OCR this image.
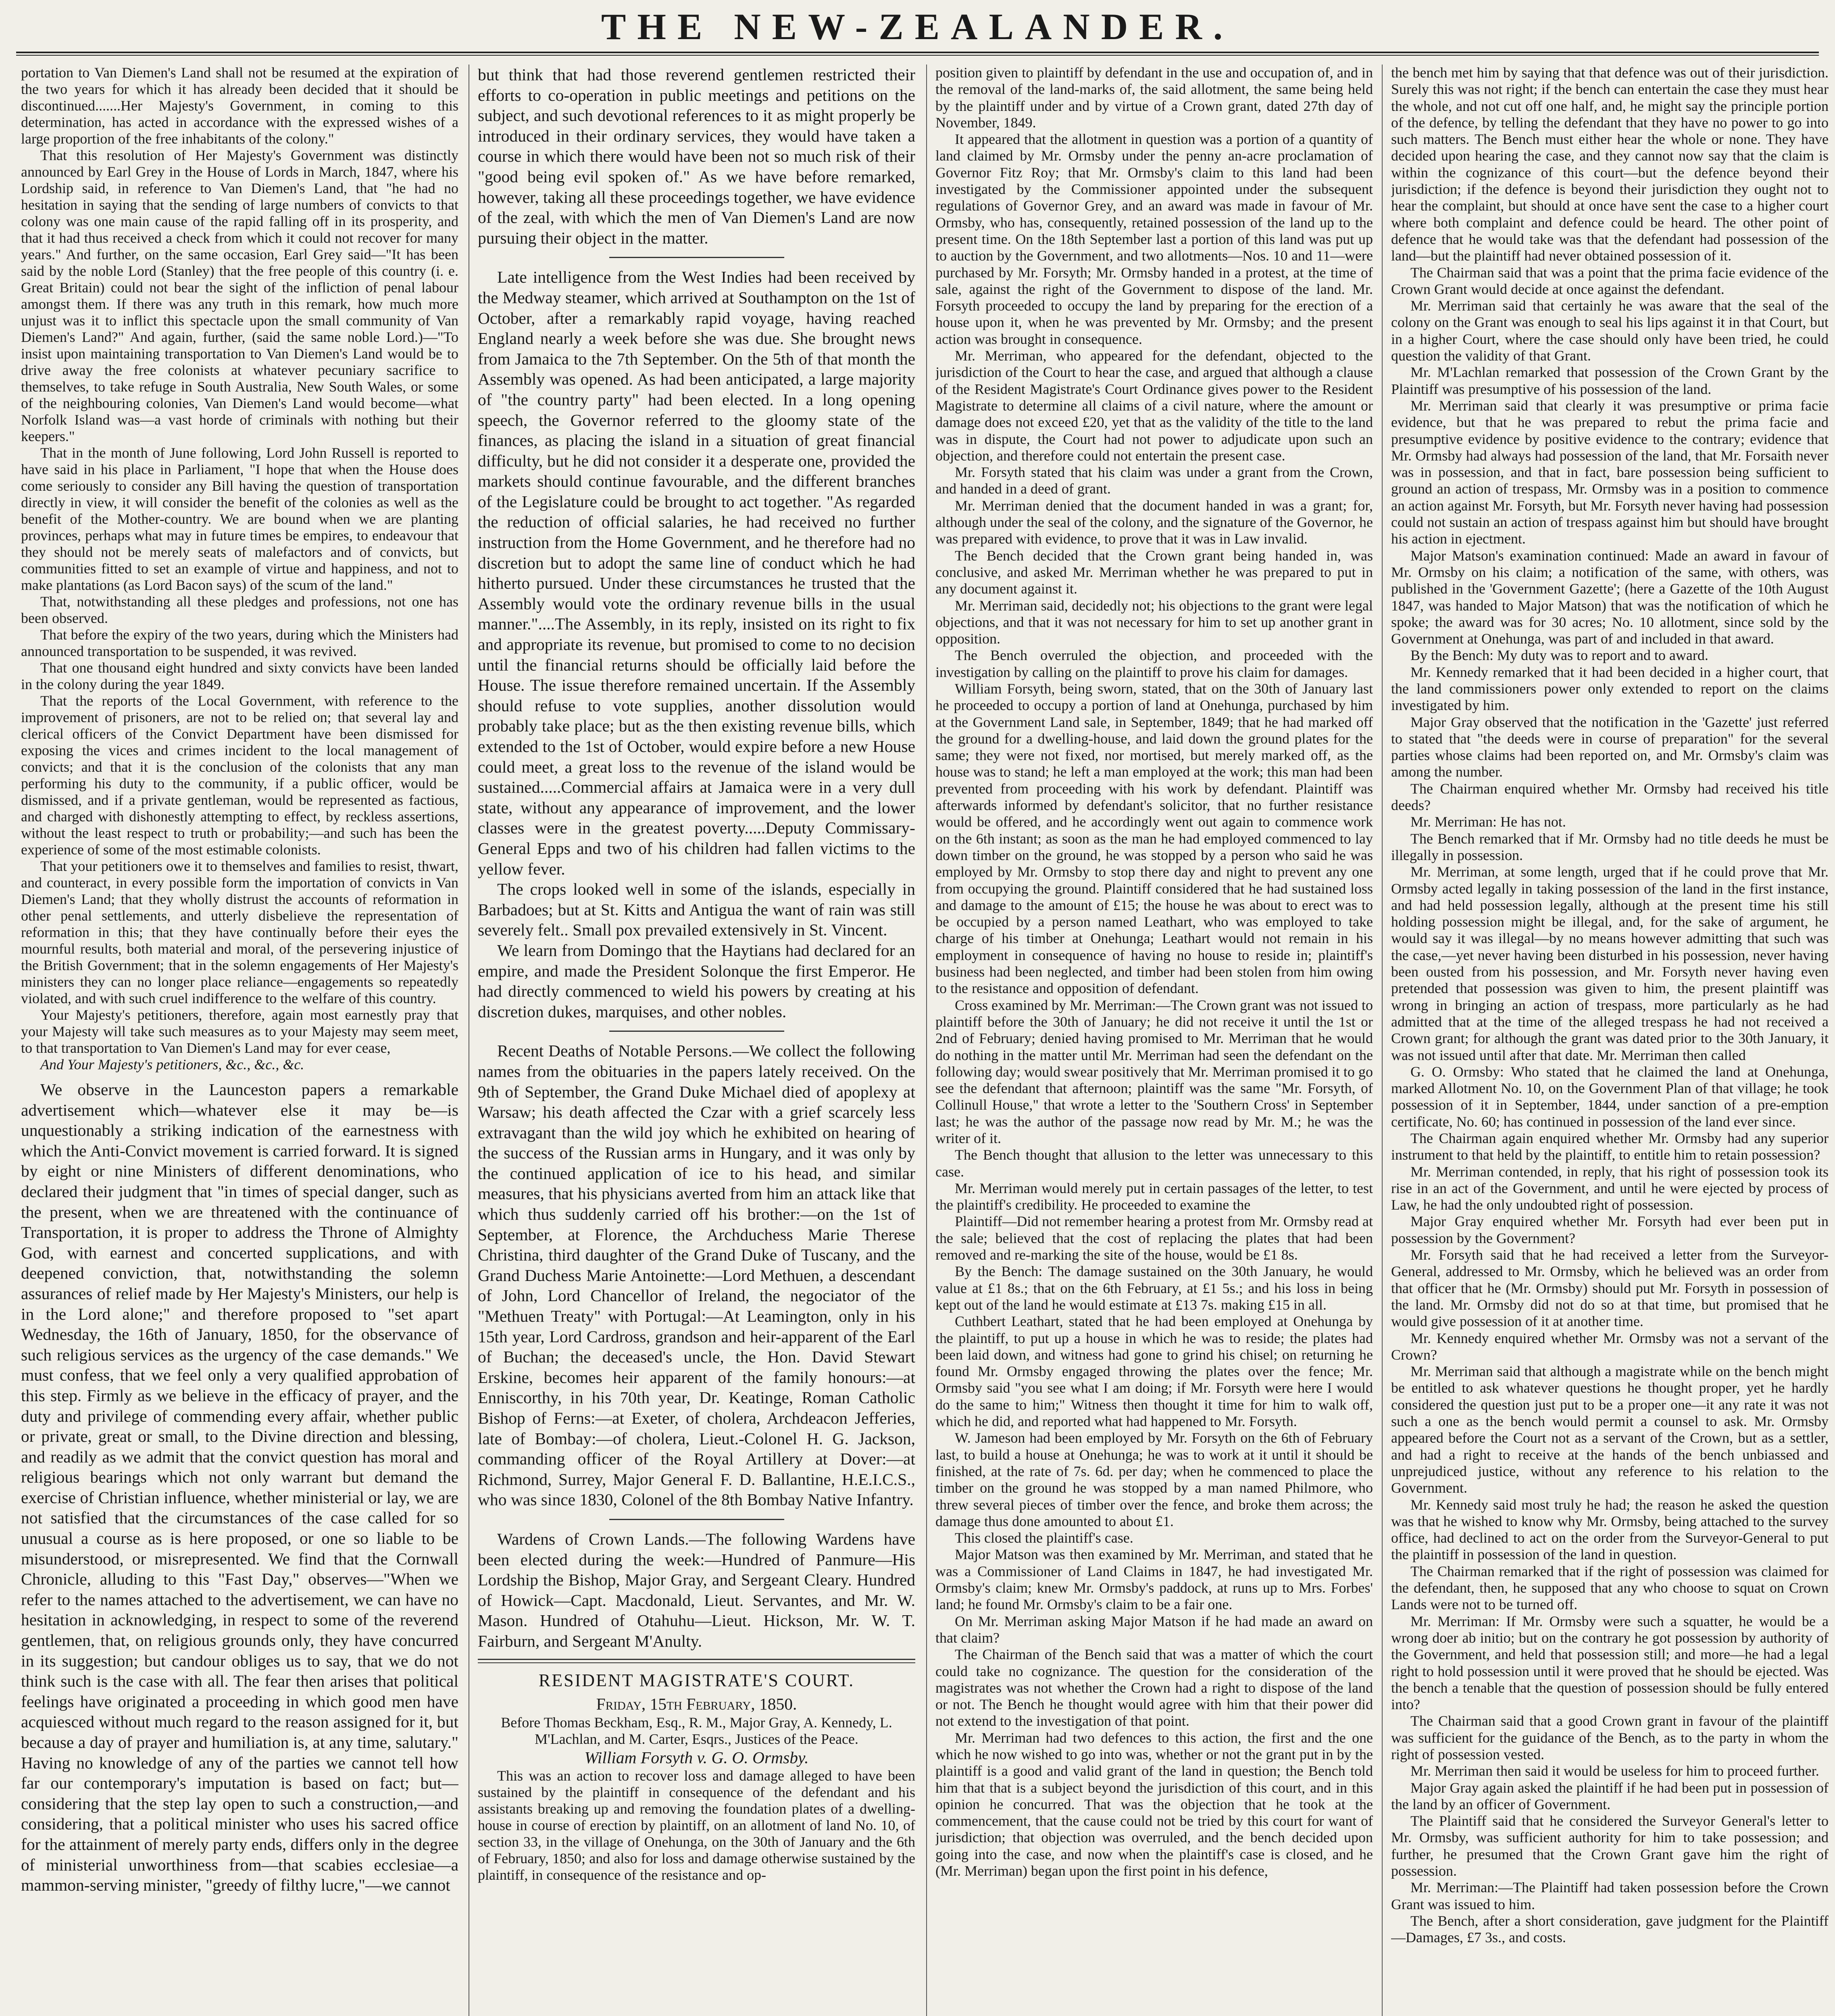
THE NEW-ZEALANDER.

portation to Van Diemen's Land shall not be resumed at the expiration of the two years for which it has already been decided that it should be discontinued.......Her Majesty's Government, in coming to this determination, has acted in accordance with the expressed wishes of a large proportion of the free inhabitants of the colony."

That this resolution of Her Majesty's Government was distinctly announced by Earl Grey in the House of Lords in March, 1847, where his Lordship said, in reference to Van Diemen's Land, that "he had no hesitation in saying that the sending of large numbers of convicts to that colony was one main cause of the rapid falling off in its prosperity, and that it had thus received a check from which it could not recover for many years." And further, on the same occasion, Earl Grey said—"It has been said by the noble Lord (Stanley) that the free people of this country (i. e. Great Britain) could not bear the sight of the infliction of penal labour amongst them. If there was any truth in this remark, how much more unjust was it to inflict this spectacle upon the small community of Van Diemen's Land?" And again, further, (said the same noble Lord.)—"To insist upon maintaining transportation to Van Diemen's Land would be to drive away the free colonists at whatever pecuniary sacrifice to themselves, to take refuge in South Australia, New South Wales, or some of the neighbouring colonies, Van Diemen's Land would become—what Norfolk Island was—a vast horde of criminals with nothing but their keepers."

That in the month of June following, Lord John Russell is reported to have said in his place in Parliament, "I hope that when the House does come seriously to consider any Bill having the question of transportation directly in view, it will consider the benefit of the colonies as well as the benefit of the Mother-country. We are bound when we are planting provinces, perhaps what may in future times be empires, to endeavour that they should not be merely seats of malefactors and of convicts, but communities fitted to set an example of virtue and happiness, and not to make plantations (as Lord Bacon says) of the scum of the land."

That, notwithstanding all these pledges and professions, not one has been observed.

That before the expiry of the two years, during which the Ministers had announced transportation to be suspended, it was revived.

That one thousand eight hundred and sixty convicts have been landed in the colony during the year 1849.

That the reports of the Local Government, with reference to the improvement of prisoners, are not to be relied on; that several lay and clerical officers of the Convict Department have been dismissed for exposing the vices and crimes incident to the local management of convicts; and that it is the conclusion of the colonists that any man performing his duty to the community, if a public officer, would be dismissed, and if a private gentleman, would be represented as factious, and charged with dishonestly attempting to effect, by reckless assertions, without the least respect to truth or probability;—and such has been the experience of some of the most estimable colonists.

That your petitioners owe it to themselves and families to resist, thwart, and counteract, in every possible form the importation of convicts in Van Diemen's Land; that they wholly distrust the accounts of reformation in other penal settlements, and utterly disbelieve the representation of reformation in this; that they have continually before their eyes the mournful results, both material and moral, of the persevering injustice of the British Government; that in the solemn engagements of Her Majesty's ministers they can no longer place reliance—engagements so repeatedly violated, and with such cruel indifference to the welfare of this country.

Your Majesty's petitioners, therefore, again most earnestly pray that your Majesty will take such measures as to your Majesty may seem meet, to that transportation to Van Diemen's Land may for ever cease,

And Your Majesty's petitioners, &c., &c., &c.

We observe in the Launceston papers a remarkable advertisement which—whatever else it may be—is unquestionably a striking indication of the earnestness with which the Anti-Convict movement is carried forward. It is signed by eight or nine Ministers of different denominations, who declared their judgment that "in times of special danger, such as the present, when we are threatened with the continuance of Transportation, it is proper to address the Throne of Almighty God, with earnest and concerted supplications, and with deepened conviction, that, notwithstanding the solemn assurances of relief made by Her Majesty's Ministers, our help is in the Lord alone;" and therefore proposed to "set apart Wednesday, the 16th of January, 1850, for the observance of such religious services as the urgency of the case demands." We must confess, that we feel only a very qualified approbation of this step. Firmly as we believe in the efficacy of prayer, and the duty and privilege of commending every affair, whether public or private, great or small, to the Divine direction and blessing, and readily as we admit that the convict question has moral and religious bearings which not only warrant but demand the exercise of Christian influence, whether ministerial or lay, we are not satisfied that the circumstances of the case called for so unusual a course as is here proposed, or one so liable to be misunderstood, or misrepresented. We find that the Cornwall Chronicle, alluding to this "Fast Day," observes—"When we refer to the names attached to the advertisement, we can have no hesitation in acknowledging, in respect to some of the reverend gentlemen, that, on religious grounds only, they have concurred in its suggestion; but candour obliges us to say, that we do not think such is the case with all. The fear then arises that political feelings have originated a proceeding in which good men have acquiesced without much regard to the reason assigned for it, but because a day of prayer and humiliation is, at any time, salutary." Having no knowledge of any of the parties we cannot tell how far our contemporary's imputation is based on fact; but—considering that the step lay open to such a construction,—and considering, that a political minister who uses his sacred office for the attainment of merely party ends, differs only in the degree of ministerial unworthiness from—that scabies ecclesiae—a mammon-serving minister, "greedy of filthy lucre,"—we cannot

but think that had those reverend gentlemen restricted their efforts to co-operation in public meetings and petitions on the subject, and such devotional references to it as might properly be introduced in their ordinary services, they would have taken a course in which there would have been not so much risk of their "good being evil spoken of." As we have before remarked, however, taking all these proceedings together, we have evidence of the zeal, with which the men of Van Diemen's Land are now pursuing their object in the matter.

Late intelligence from the West Indies had been received by the Medway steamer, which arrived at Southampton on the 1st of October, after a remarkably rapid voyage, having reached England nearly a week before she was due. She brought news from Jamaica to the 7th September. On the 5th of that month the Assembly was opened. As had been anticipated, a large majority of "the country party" had been elected. In a long opening speech, the Governor referred to the gloomy state of the finances, as placing the island in a situation of great financial difficulty, but he did not consider it a desperate one, provided the markets should continue favourable, and the different branches of the Legislature could be brought to act together. "As regarded the reduction of official salaries, he had received no further instruction from the Home Government, and he therefore had no discretion but to adopt the same line of conduct which he had hitherto pursued. Under these circumstances he trusted that the Assembly would vote the ordinary revenue bills in the usual manner."....The Assembly, in its reply, insisted on its right to fix and appropriate its revenue, but promised to come to no decision until the financial returns should be officially laid before the House. The issue therefore remained uncertain. If the Assembly should refuse to vote supplies, another dissolution would probably take place; but as the then existing revenue bills, which extended to the 1st of October, would expire before a new House could meet, a great loss to the revenue of the island would be sustained.....Commercial affairs at Jamaica were in a very dull state, without any appearance of improvement, and the lower classes were in the greatest poverty.....Deputy Commissary-General Epps and two of his children had fallen victims to the yellow fever.

The crops looked well in some of the islands, especially in Barbadoes; but at St. Kitts and Antigua the want of rain was still severely felt.. Small pox prevailed extensively in St. Vincent.

We learn from Domingo that the Haytians had declared for an empire, and made the President Solonque the first Emperor. He had directly commenced to wield his powers by creating at his discretion dukes, marquises, and other nobles.

Recent Deaths of Notable Persons.—We collect the following names from the obituaries in the papers lately received. On the 9th of September, the Grand Duke Michael died of apoplexy at Warsaw; his death affected the Czar with a grief scarcely less extravagant than the wild joy which he exhibited on hearing of the success of the Russian arms in Hungary, and it was only by the continued application of ice to his head, and similar measures, that his physicians averted from him an attack like that which thus suddenly carried off his brother:—on the 1st of September, at Florence, the Archduchess Marie Therese Christina, third daughter of the Grand Duke of Tuscany, and the Grand Duchess Marie Antoinette:—Lord Methuen, a descendant of John, Lord Chancellor of Ireland, the negociator of the "Methuen Treaty" with Portugal:—At Leamington, only in his 15th year, Lord Cardross, grandson and heir-apparent of the Earl of Buchan; the deceased's uncle, the Hon. David Stewart Erskine, becomes heir apparent of the family honours:—at Enniscorthy, in his 70th year, Dr. Keatinge, Roman Catholic Bishop of Ferns:—at Exeter, of cholera, Archdeacon Jefferies, late of Bombay:—of cholera, Lieut.-Colonel H. G. Jackson, commanding officer of the Royal Artillery at Dover:—at Richmond, Surrey, Major General F. D. Ballantine, H.E.I.C.S., who was since 1830, Colonel of the 8th Bombay Native Infantry.

Wardens of Crown Lands.—The following Wardens have been elected during the week:—Hundred of Panmure—His Lordship the Bishop, Major Gray, and Sergeant Cleary. Hundred of Howick—Capt. Macdonald, Lieut. Servantes, and Mr. W. Mason. Hundred of Otahuhu—Lieut. Hickson, Mr. W. T. Fairburn, and Sergeant M'Anulty.

RESIDENT MAGISTRATE'S COURT.

Friday, 15th February, 1850.

Before Thomas Beckham, Esq., R. M., Major Gray, A. Kennedy, L. M'Lachlan, and M. Carter, Esqrs., Justices of the Peace.

William Forsyth v. G. O. Ormsby.

This was an action to recover loss and damage alleged to have been sustained by the plaintiff in consequence of the defendant and his assistants breaking up and removing the foundation plates of a dwelling-house in course of erection by plaintiff, on an allotment of land No. 10, of section 33, in the village of Onehunga, on the 30th of January and the 6th of February, 1850; and also for loss and damage otherwise sustained by the plaintiff, in consequence of the resistance and op-

position given to plaintiff by defendant in the use and occupation of, and in the removal of the land-marks of, the said allotment, the same being held by the plaintiff under and by virtue of a Crown grant, dated 27th day of November, 1849.

It appeared that the allotment in question was a portion of a quantity of land claimed by Mr. Ormsby under the penny an-acre proclamation of Governor Fitz Roy; that Mr. Ormsby's claim to this land had been investigated by the Commissioner appointed under the subsequent regulations of Governor Grey, and an award was made in favour of Mr. Ormsby, who has, consequently, retained possession of the land up to the present time. On the 18th September last a portion of this land was put up to auction by the Government, and two allotments—Nos. 10 and 11—were purchased by Mr. Forsyth; Mr. Ormsby handed in a protest, at the time of sale, against the right of the Government to dispose of the land. Mr. Forsyth proceeded to occupy the land by preparing for the erection of a house upon it, when he was prevented by Mr. Ormsby; and the present action was brought in consequence.

Mr. Merriman, who appeared for the defendant, objected to the jurisdiction of the Court to hear the case, and argued that although a clause of the Resident Magistrate's Court Ordinance gives power to the Resident Magistrate to determine all claims of a civil nature, where the amount or damage does not exceed £20, yet that as the validity of the title to the land was in dispute, the Court had not power to adjudicate upon such an objection, and therefore could not entertain the present case.

Mr. Forsyth stated that his claim was under a grant from the Crown, and handed in a deed of grant.

Mr. Merriman denied that the document handed in was a grant; for, although under the seal of the colony, and the signature of the Governor, he was prepared with evidence, to prove that it was in Law invalid.

The Bench decided that the Crown grant being handed in, was conclusive, and asked Mr. Merriman whether he was prepared to put in any document against it.

Mr. Merriman said, decidedly not; his objections to the grant were legal objections, and that it was not necessary for him to set up another grant in opposition.

The Bench overruled the objection, and proceeded with the investigation by calling on the plaintiff to prove his claim for damages.

William Forsyth, being sworn, stated, that on the 30th of January last he proceeded to occupy a portion of land at Onehunga, purchased by him at the Government Land sale, in September, 1849; that he had marked off the ground for a dwelling-house, and laid down the ground plates for the same; they were not fixed, nor mortised, but merely marked off, as the house was to stand; he left a man employed at the work; this man had been prevented from proceeding with his work by defendant. Plaintiff was afterwards informed by defendant's solicitor, that no further resistance would be offered, and he accordingly went out again to commence work on the 6th instant; as soon as the man he had employed commenced to lay down timber on the ground, he was stopped by a person who said he was employed by Mr. Ormsby to stop there day and night to prevent any one from occupying the ground. Plaintiff considered that he had sustained loss and damage to the amount of £15; the house he was about to erect was to be occupied by a person named Leathart, who was employed to take charge of his timber at Onehunga; Leathart would not remain in his employment in consequence of having no house to reside in; plaintiff's business had been neglected, and timber had been stolen from him owing to the resistance and opposition of defendant.

Cross examined by Mr. Merriman:—The Crown grant was not issued to plaintiff before the 30th of January; he did not receive it until the 1st or 2nd of February; denied having promised to Mr. Merriman that he would do nothing in the matter until Mr. Merriman had seen the defendant on the following day; would swear positively that Mr. Merriman promised it to go see the defendant that afternoon; plaintiff was the same "Mr. Forsyth, of Collinull House," that wrote a letter to the 'Southern Cross' in September last; he was the author of the passage now read by Mr. M.; he was the writer of it.

The Bench thought that allusion to the letter was unnecessary to this case.

Mr. Merriman would merely put in certain passages of the letter, to test the plaintiff's credibility. He proceeded to examine the

Plaintiff—Did not remember hearing a protest from Mr. Ormsby read at the sale; believed that the cost of replacing the plates that had been removed and re-marking the site of the house, would be £1 8s.

By the Bench: The damage sustained on the 30th January, he would value at £1 8s.; that on the 6th February, at £1 5s.; and his loss in being kept out of the land he would estimate at £13 7s. making £15 in all.

Cuthbert Leathart, stated that he had been employed at Onehunga by the plaintiff, to put up a house in which he was to reside; the plates had been laid down, and witness had gone to grind his chisel; on returning he found Mr. Ormsby engaged throwing the plates over the fence; Mr. Ormsby said "you see what I am doing; if Mr. Forsyth were here I would do the same to him;" Witness then thought it time for him to walk off, which he did, and reported what had happened to Mr. Forsyth.

W. Jameson had been employed by Mr. Forsyth on the 6th of February last, to build a house at Onehunga; he was to work at it until it should be finished, at the rate of 7s. 6d. per day; when he commenced to place the timber on the ground he was stopped by a man named Philmore, who threw several pieces of timber over the fence, and broke them across; the damage thus done amounted to about £1.

This closed the plaintiff's case.

Major Matson was then examined by Mr. Merriman, and stated that he was a Commissioner of Land Claims in 1847, he had investigated Mr. Ormsby's claim; knew Mr. Ormsby's paddock, at runs up to Mrs. Forbes' land; he found Mr. Ormsby's claim to be a fair one.

On Mr. Merriman asking Major Matson if he had made an award on that claim?

The Chairman of the Bench said that was a matter of which the court could take no cognizance. The question for the consideration of the magistrates was not whether the Crown had a right to dispose of the land or not. The Bench he thought would agree with him that their power did not extend to the investigation of that point.

Mr. Merriman had two defences to this action, the first and the one which he now wished to go into was, whether or not the grant put in by the plaintiff is a good and valid grant of the land in question; the Bench told him that that is a subject beyond the jurisdiction of this court, and in this opinion he concurred. That was the objection that he took at the commencement, that the cause could not be tried by this court for want of jurisdiction; that objection was overruled, and the bench decided upon going into the case, and now when the plaintiff's case is closed, and he (Mr. Merriman) began upon the first point in his defence,

the bench met him by saying that that defence was out of their jurisdiction. Surely this was not right; if the bench can entertain the case they must hear the whole, and not cut off one half, and, he might say the principle portion of the defence, by telling the defendant that they have no power to go into such matters. The Bench must either hear the whole or none. They have decided upon hearing the case, and they cannot now say that the claim is within the cognizance of this court—but the defence beyond their jurisdiction; if the defence is beyond their jurisdiction they ought not to hear the complaint, but should at once have sent the case to a higher court where both complaint and defence could be heard. The other point of defence that he would take was that the defendant had possession of the land—but the plaintiff had never obtained possession of it.

The Chairman said that was a point that the prima facie evidence of the Crown Grant would decide at once against the defendant.

Mr. Merriman said that certainly he was aware that the seal of the colony on the Grant was enough to seal his lips against it in that Court, but in a higher Court, where the case should only have been tried, he could question the validity of that Grant.

Mr. M'Lachlan remarked that possession of the Crown Grant by the Plaintiff was presumptive of his possession of the land.

Mr. Merriman said that clearly it was presumptive or prima facie evidence, but that he was prepared to rebut the prima facie and presumptive evidence by positive evidence to the contrary; evidence that Mr. Ormsby had always had possession of the land, that Mr. Forsaith never was in possession, and that in fact, bare possession being sufficient to ground an action of trespass, Mr. Ormsby was in a position to commence an action against Mr. Forsyth, but Mr. Forsyth never having had possession could not sustain an action of trespass against him but should have brought his action in ejectment.

Major Matson's examination continued: Made an award in favour of Mr. Ormsby on his claim; a notification of the same, with others, was published in the 'Government Gazette'; (here a Gazette of the 10th August 1847, was handed to Major Matson) that was the notification of which he spoke; the award was for 30 acres; No. 10 allotment, since sold by the Government at Onehunga, was part of and included in that award.

By the Bench: My duty was to report and to award.

Mr. Kennedy remarked that it had been decided in a higher court, that the land commissioners power only extended to report on the claims investigated by him.

Major Gray observed that the notification in the 'Gazette' just referred to stated that "the deeds were in course of preparation" for the several parties whose claims had been reported on, and Mr. Ormsby's claim was among the number.

The Chairman enquired whether Mr. Ormsby had received his title deeds?

Mr. Merriman: He has not.

The Bench remarked that if Mr. Ormsby had no title deeds he must be illegally in possession.

Mr. Merriman, at some length, urged that if he could prove that Mr. Ormsby acted legally in taking possession of the land in the first instance, and had held possession legally, although at the present time his still holding possession might be illegal, and, for the sake of argument, he would say it was illegal—by no means however admitting that such was the case,—yet never having been disturbed in his possession, never having been ousted from his possession, and Mr. Forsyth never having even pretended that possession was given to him, the present plaintiff was wrong in bringing an action of trespass, more particularly as he had admitted that at the time of the alleged trespass he had not received a Crown grant; for although the grant was dated prior to the 30th January, it was not issued until after that date. Mr. Merriman then called

G. O. Ormsby: Who stated that he claimed the land at Onehunga, marked Allotment No. 10, on the Government Plan of that village; he took possession of it in September, 1844, under sanction of a pre-emption certificate, No. 60; has continued in possession of the land ever since.

The Chairman again enquired whether Mr. Ormsby had any superior instrument to that held by the plaintiff, to entitle him to retain possession?

Mr. Merriman contended, in reply, that his right of possession took its rise in an act of the Government, and until he were ejected by process of Law, he had the only undoubted right of possession.

Major Gray enquired whether Mr. Forsyth had ever been put in possession by the Government?

Mr. Forsyth said that he had received a letter from the Surveyor-General, addressed to Mr. Ormsby, which he believed was an order from that officer that he (Mr. Ormsby) should put Mr. Forsyth in possession of the land. Mr. Ormsby did not do so at that time, but promised that he would give possession of it at another time.

Mr. Kennedy enquired whether Mr. Ormsby was not a servant of the Crown?

Mr. Merriman said that although a magistrate while on the bench might be entitled to ask whatever questions he thought proper, yet he hardly considered the question just put to be a proper one—it any rate it was not such a one as the bench would permit a counsel to ask. Mr. Ormsby appeared before the Court not as a servant of the Crown, but as a settler, and had a right to receive at the hands of the bench unbiassed and unprejudiced justice, without any reference to his relation to the Government.

Mr. Kennedy said most truly he had; the reason he asked the question was that he wished to know why Mr. Ormsby, being attached to the survey office, had declined to act on the order from the Surveyor-General to put the plaintiff in possession of the land in question.

The Chairman remarked that if the right of possession was claimed for the defendant, then, he supposed that any who choose to squat on Crown Lands were not to be turned off.

Mr. Merriman: If Mr. Ormsby were such a squatter, he would be a wrong doer ab initio; but on the contrary he got possession by authority of the Government, and held that possession still; and more—he had a legal right to hold possession until it were proved that he should be ejected. Was the bench a tenable that the question of possession should be fully entered into?

The Chairman said that a good Crown grant in favour of the plaintiff was sufficient for the guidance of the Bench, as to the party in whom the right of possession vested.

Mr. Merriman then said it would be useless for him to proceed further.

Major Gray again asked the plaintiff if he had been put in possession of the land by an officer of Government.

The Plaintiff said that he considered the Surveyor General's letter to Mr. Ormsby, was sufficient authority for him to take possession; and further, he presumed that the Crown Grant gave him the right of possession.

Mr. Merriman:—The Plaintiff had taken possession before the Crown Grant was issued to him.

The Bench, after a short consideration, gave judgment for the Plaintiff—Damages, £7 3s., and costs.
